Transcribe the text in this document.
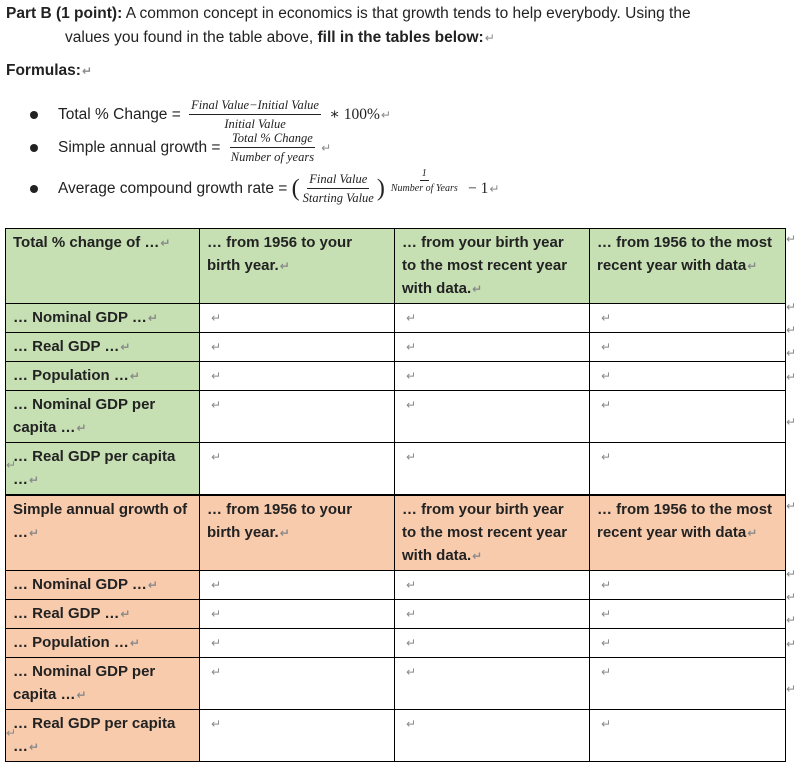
Part B (1 point): A common concept in economics is that growth tends to help everybody. Using the
values you found in the table above, fill in the tables below:↵
Formulas:↵
Total % Change = $\frac{\text{Final Value−Initial Value}}{\text{Initial Value}}$ ∗ 100%↵
Simple annual growth = $\frac{\text{Total \% Change}}{\text{Number of years}}$ ↵
Average compound growth rate = ( $\frac{\text{Final Value}}{\text{Starting Value}}$ ) $\frac{1}{\text{Number of Years}}$ − 1↵
Total % change of …↵	… from 1956 to your birth year.↵	… from your birth year to the most recent year with data.↵	… from 1956 to the most recent year with data↵
… Nominal GDP …↵	↵	↵	↵
… Real GDP …↵	↵	↵	↵
… Population …↵	↵	↵	↵
… Nominal GDP per capita …↵	↵	↵	↵
… Real GDP per capita …↵	↵	↵	↵
↵
↵
↵
↵
↵
↵
↵
Simple annual growth of …↵	… from 1956 to your birth year.↵	… from your birth year to the most recent year with data.↵	… from 1956 to the most recent year with data↵
… Nominal GDP …↵	↵	↵	↵
… Real GDP …↵	↵	↵	↵
… Population …↵	↵	↵	↵
… Nominal GDP per capita …↵	↵	↵	↵
… Real GDP per capita …↵	↵	↵	↵
↵
↵
↵
↵
↵
↵
↵
